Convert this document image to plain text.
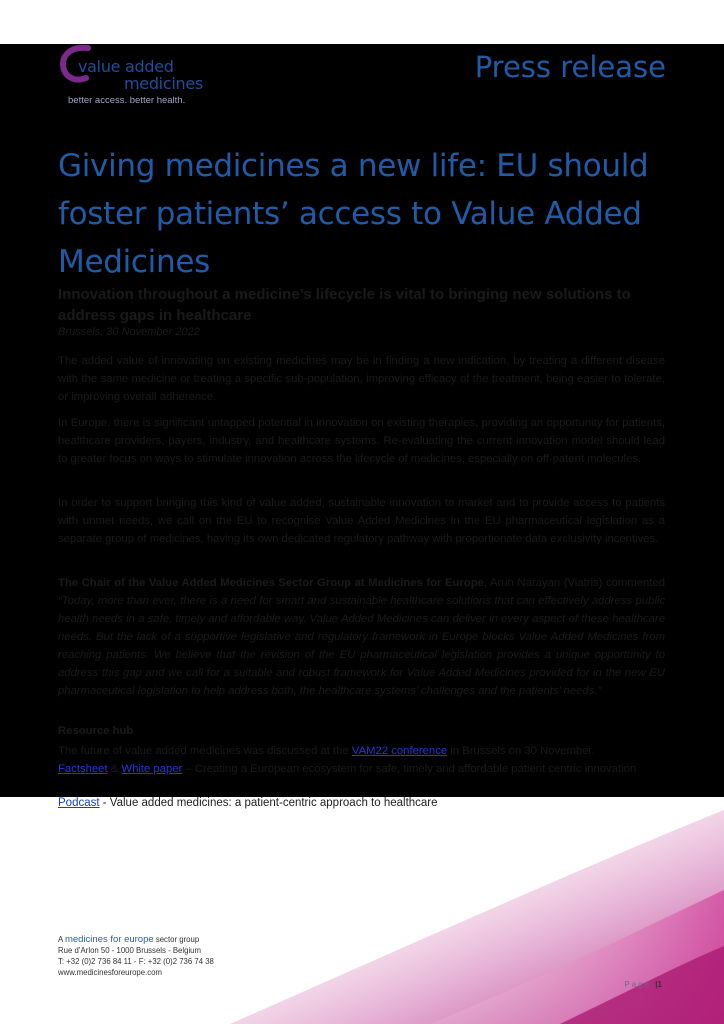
value added
medicines
better access. better health.
Press release
Giving medicines a new life: EU should foster patients’ access to Value Added Medicines
Innovation throughout a medicine’s lifecycle is vital to bringing new solutions to address gaps in healthcare
Brussels, 30 November 2022

The added value of innovating on existing medicines may be in finding a new indication, by treating a different disease with the same medicine or treating a specific sub-population, improving efficacy of the treatment, being easier to tolerate, or improving overall adherence.

In Europe, there is significant untapped potential in innovation on existing therapies, providing an opportunity for patients, healthcare providers, payers, industry, and healthcare systems. Re-evaluating the current innovation model should lead to greater focus on ways to stimulate innovation across the lifecycle of medicines, especially on off-patent molecules.

In order to support bringing this kind of value added, sustainable innovation to market and to provide access to patients with unmet needs, we call on the EU to recognise Value Added Medicines in the EU pharmaceutical legislation as a separate group of medicines, having its own dedicated regulatory pathway with proportionate data exclusivity incentives.

The Chair of the Value Added Medicines Sector Group at Medicines for Europe, Arun Narayan (Viatris) commented “Today, more than ever, there is a need for smart and sustainable healthcare solutions that can effectively address public health needs in a safe, timely and affordable way. Value Added Medicines can deliver in every aspect of these healthcare needs. But the lack of a supportive legislative and regulatory framework in Europe blocks Value Added Medicines from reaching patients. We believe that the revision of the EU pharmaceutical legislation provides a unique opportunity to address this gap and we call for a suitable and robust framework for Value Added Medicines provided for in the new EU pharmaceutical legislation to help address both, the healthcare systems’ challenges and the patients’ needs.”

Resource hub
The future of value added medicines was discussed at the VAM22 conference in Brussels on 30 November.
Factsheet & White paper – Creating a European ecosystem for safe, timely and affordable patient centric innovation
Podcast - Value added medicines: a patient-centric approach to healthcare
A medicines for europe sector group
Rue d’Arlon 50 - 1000 Brussels - Belgium
T: +32 (0)2 736 84 11 - F: +32 (0)2 736 74 38
www.medicinesforeurope.com
Page |1
